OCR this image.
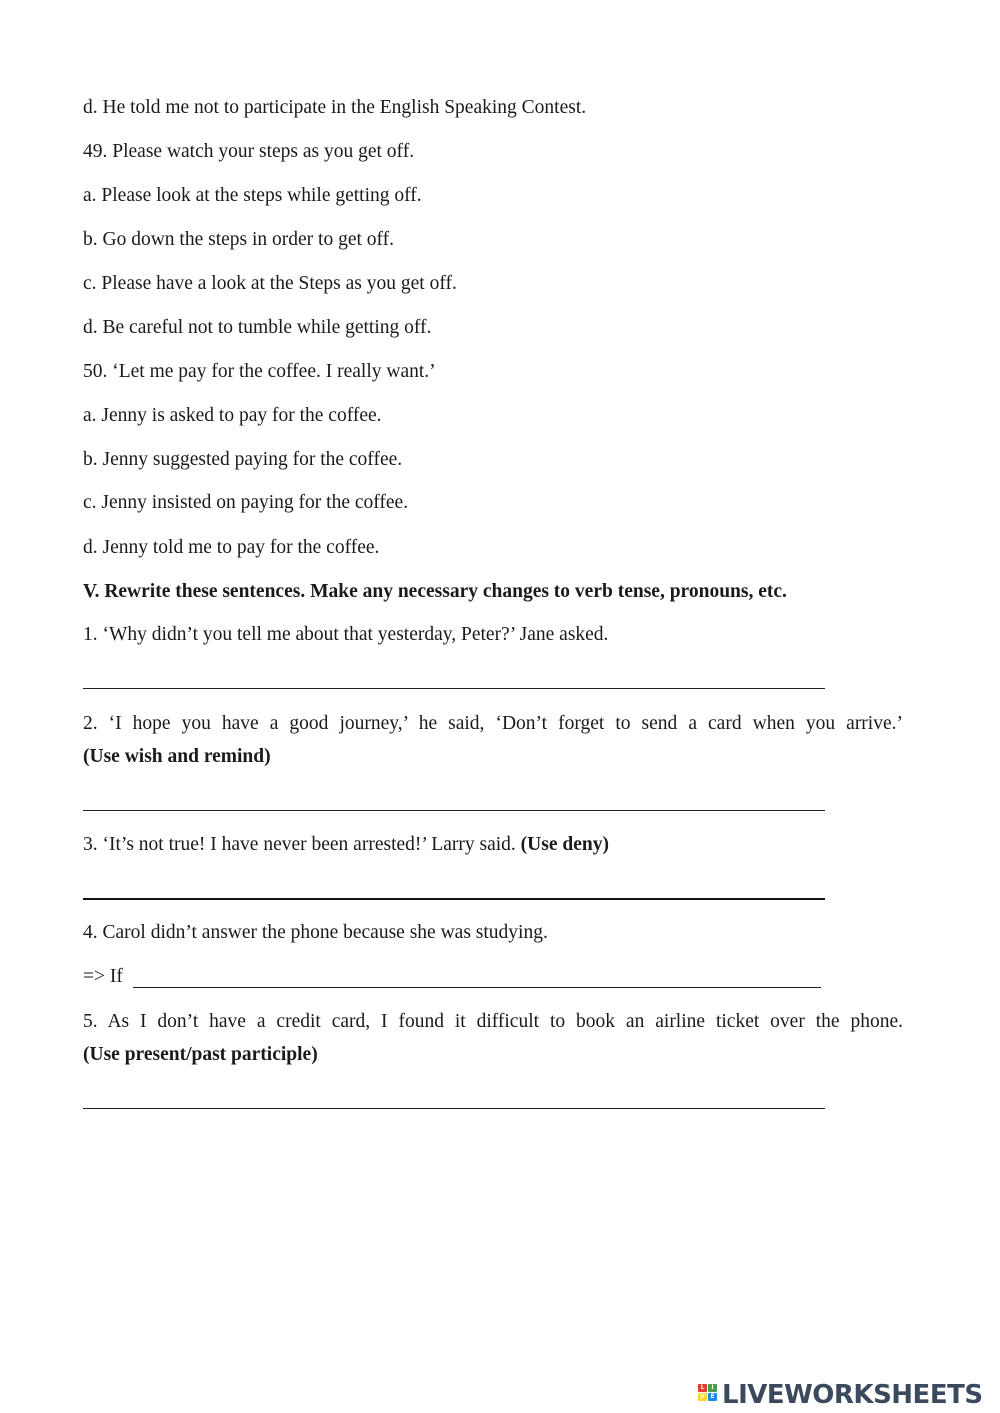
d. He told me not to participate in the English Speaking Contest.

49. Please watch your steps as you get off.

a. Please look at the steps while getting off.

b. Go down the steps in order to get off.

c. Please have a look at the Steps as you get off.

d. Be careful not to tumble while getting off.

50. ‘Let me pay for the coffee. I really want.’

a. Jenny is asked to pay for the coffee.

b. Jenny suggested paying for the coffee.

c. Jenny insisted on paying for the coffee.

d. Jenny told me to pay for the coffee.

V. Rewrite these sentences. Make any necessary changes to verb tense, pronouns, etc.

1. ‘Why didn’t you tell me about that yesterday, Peter?’ Jane asked.

2. ‘I hope you have a good journey,’ he said, ‘Don’t forget to send a card when you arrive.’

(Use wish and remind)

3. ‘It’s not true! I have never been arrested!’ Larry said. (Use deny)

4. Carol didn’t answer the phone because she was studying.

=> If

5. As I don’t have a credit card, I found it difficult to book an airline ticket over the phone.

(Use present/past participle)

L	I
V E LIVEWORKSHEETS
